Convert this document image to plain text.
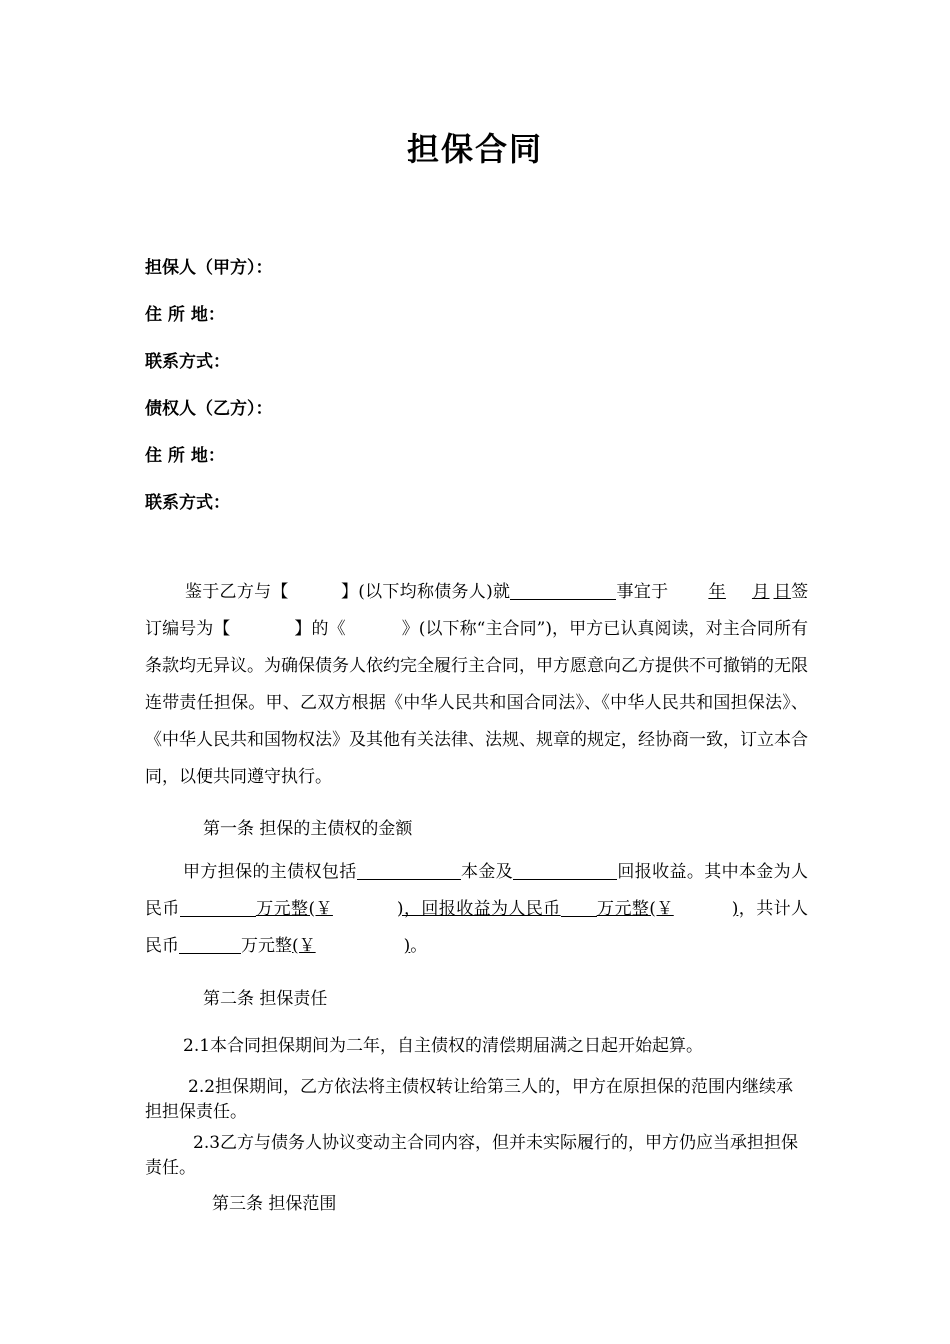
担保合同
担保人（甲方）：
住 所 地：
联系方式：
债权人（乙方）：
住 所 地：
联系方式：
鉴于乙方与【	】(以下均称债务人)就	事宜于 年 月 日签订编号为【	】的《	》(以下称“主合同”)，甲方已认真阅读，对主合同所有条款均无异议。为确保债务人依约完全履行主合同，甲方愿意向乙方提供不可撤销的无限连带责任担保。甲、乙双方根据《中华人民共和国合同法》、《中华人民共和国担保法》、《中华人民共和国物权法》及其他有关法律、法规、规章的规定，经协商一致，订立本合同，以便共同遵守执行。
第一条 担保的主债权的金额
甲方担保的主债权包括	本金及	回报收益。其中本金为人民币	万元整(￥	)，回报收益为人民币 万元整(￥	)，共计人民币	万元整(￥	)。
第二条 担保责任
2.1本合同担保期间为二年，自主债权的清偿期届满之日起开始起算。
2.2担保期间，乙方依法将主债权转让给第三人的，甲方在原担保的范围内继续承担担保责任。
2.3乙方与债务人协议变动主合同内容，但并未实际履行的，甲方仍应当承担担保责任。
第三条 担保范围
